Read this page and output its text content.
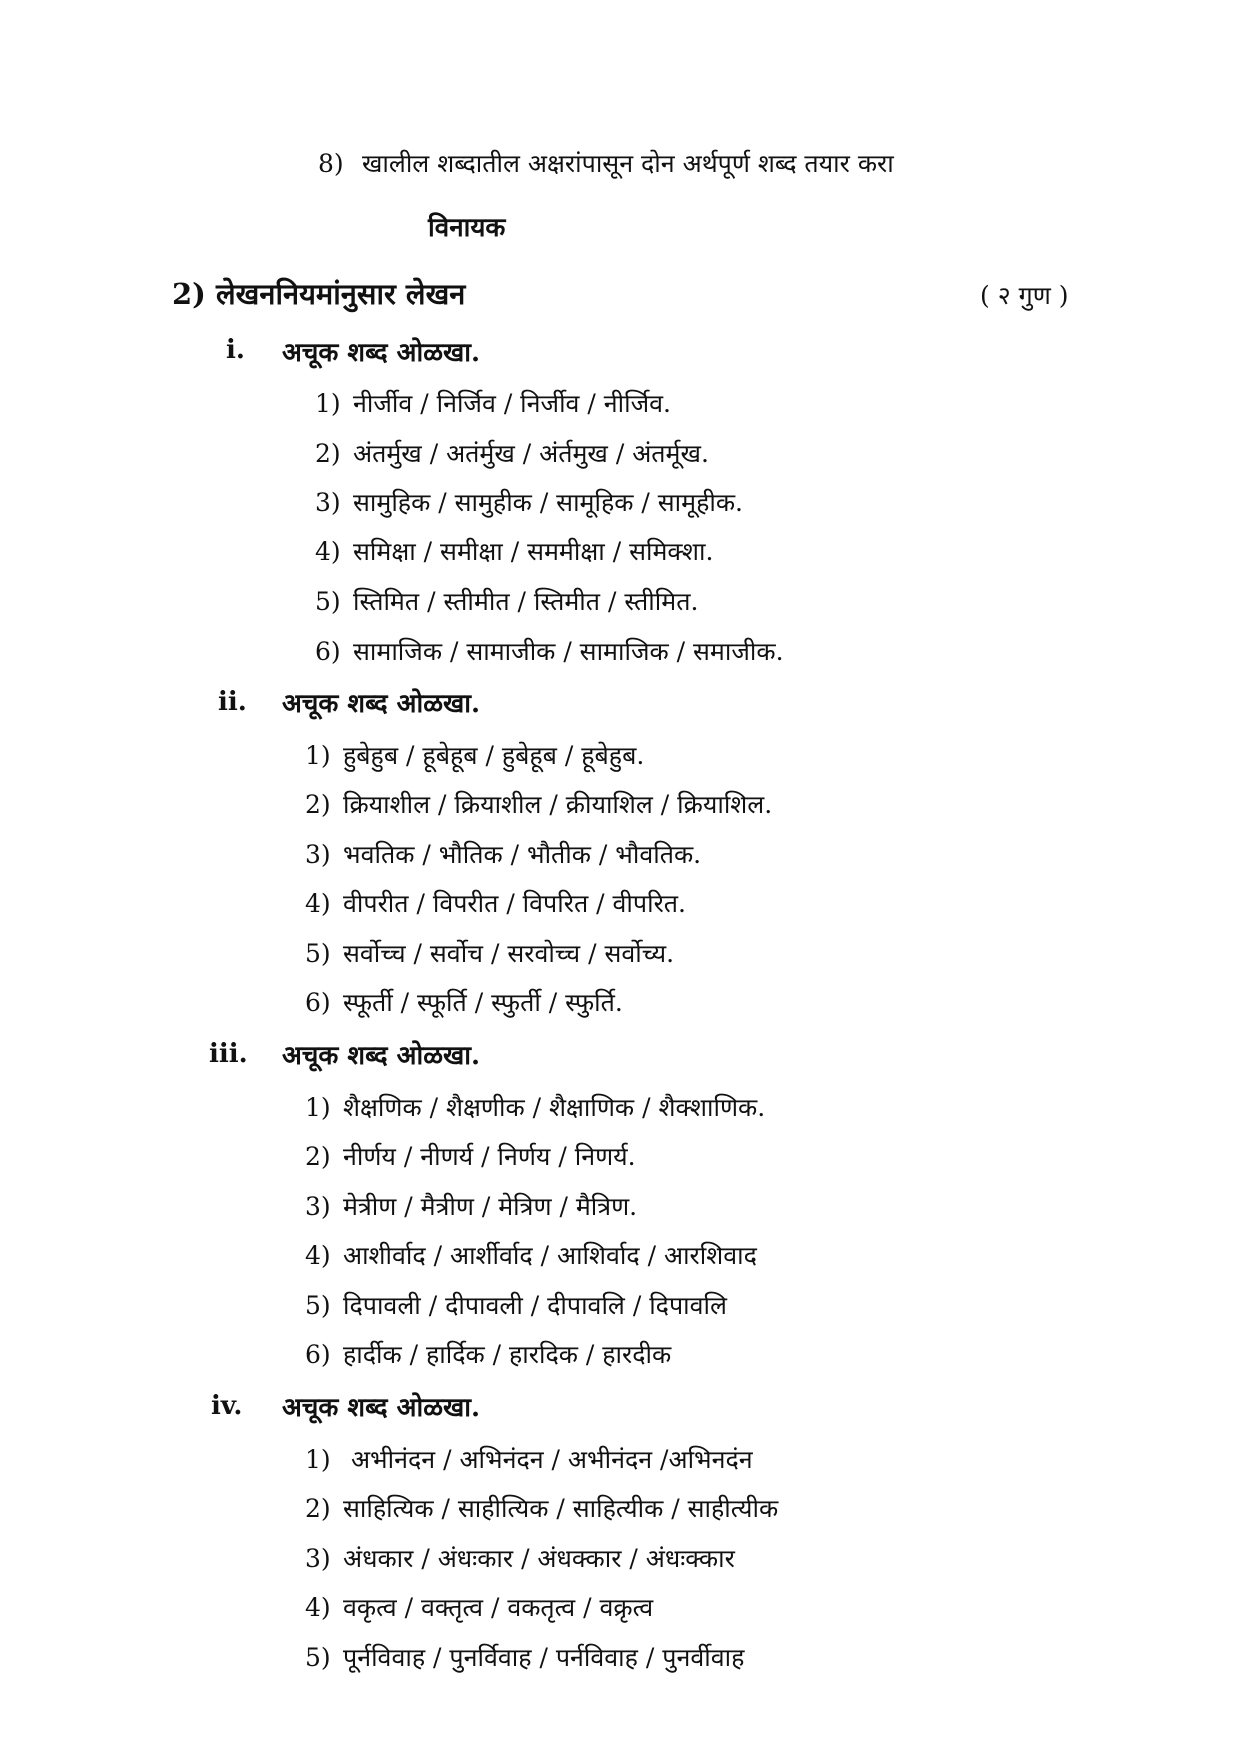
8) खालील शब्दातील अक्षरांपासून दोन अर्थपूर्ण शब्द तयार करा
विनायक
2) लेखननियमांनुसार लेखन	( २ गुण )
i. अचूक शब्द ओळखा.
1) नीर्जीव / निर्जिव / निर्जीव / नीर्जिव.
2) अंतर्मुख / अतंर्मुख / अंर्तमुख / अंतर्मूख.
3) सामुहिक / सामुहीक / सामूहिक / सामूहीक.
4) समिक्षा / समीक्षा / सममीक्षा / समिक्शा.
5) स्तिमित / स्तीमीत / स्तिमीत / स्तीमित.
6) सामाजिक / सामाजीक / सामाजिक / समाजीक.
ii. अचूक शब्द ओळखा.
1) हुबेहुब / हूबेहूब / हुबेहूब / हूबेहुब.
2) क्रियाशील / क्रियाशील / क्रीयाशिल / क्रियाशिल.
3) भवतिक / भौतिक / भौतीक / भौवतिक.
4) वीपरीत / विपरीत / विपरित / वीपरित.
5) सर्वोच्च / सर्वोच / सरवोच्च / सर्वोच्य.
6) स्फूर्ती / स्फूर्ति / स्फुर्ती / स्फुर्ति.
iii. अचूक शब्द ओळखा.
1) शैक्षणिक / शैक्षणीक / शैक्षाणिक / शैक्शाणिक.
2) नीर्णय / नीणर्य / निर्णय / निणर्य.
3) मेत्रीण / मैत्रीण / मेत्रिण / मैत्रिण.
4) आशीर्वाद / आर्शीर्वाद / आशिर्वाद / आरशिवाद
5) दिपावली / दीपावली / दीपावलि / दिपावलि
6) हार्दीक / हार्दिक / हारदिक / हारदीक
iv. अचूक शब्द ओळखा.
1) अभीनंदन / अभिनंदन / अभीनंदन /अभिनदंन
2) साहित्यिक / साहीत्यिक / साहित्यीक / साहीत्यीक
3) अंधकार / अंधःकार / अंधक्कार / अंधःक्कार
4) वकृत्व / वक्तृत्व / वकतृत्व / वक्रृत्व
5) पूर्नविवाह / पुनर्विवाह / पर्नविवाह / पुनर्वीवाह
